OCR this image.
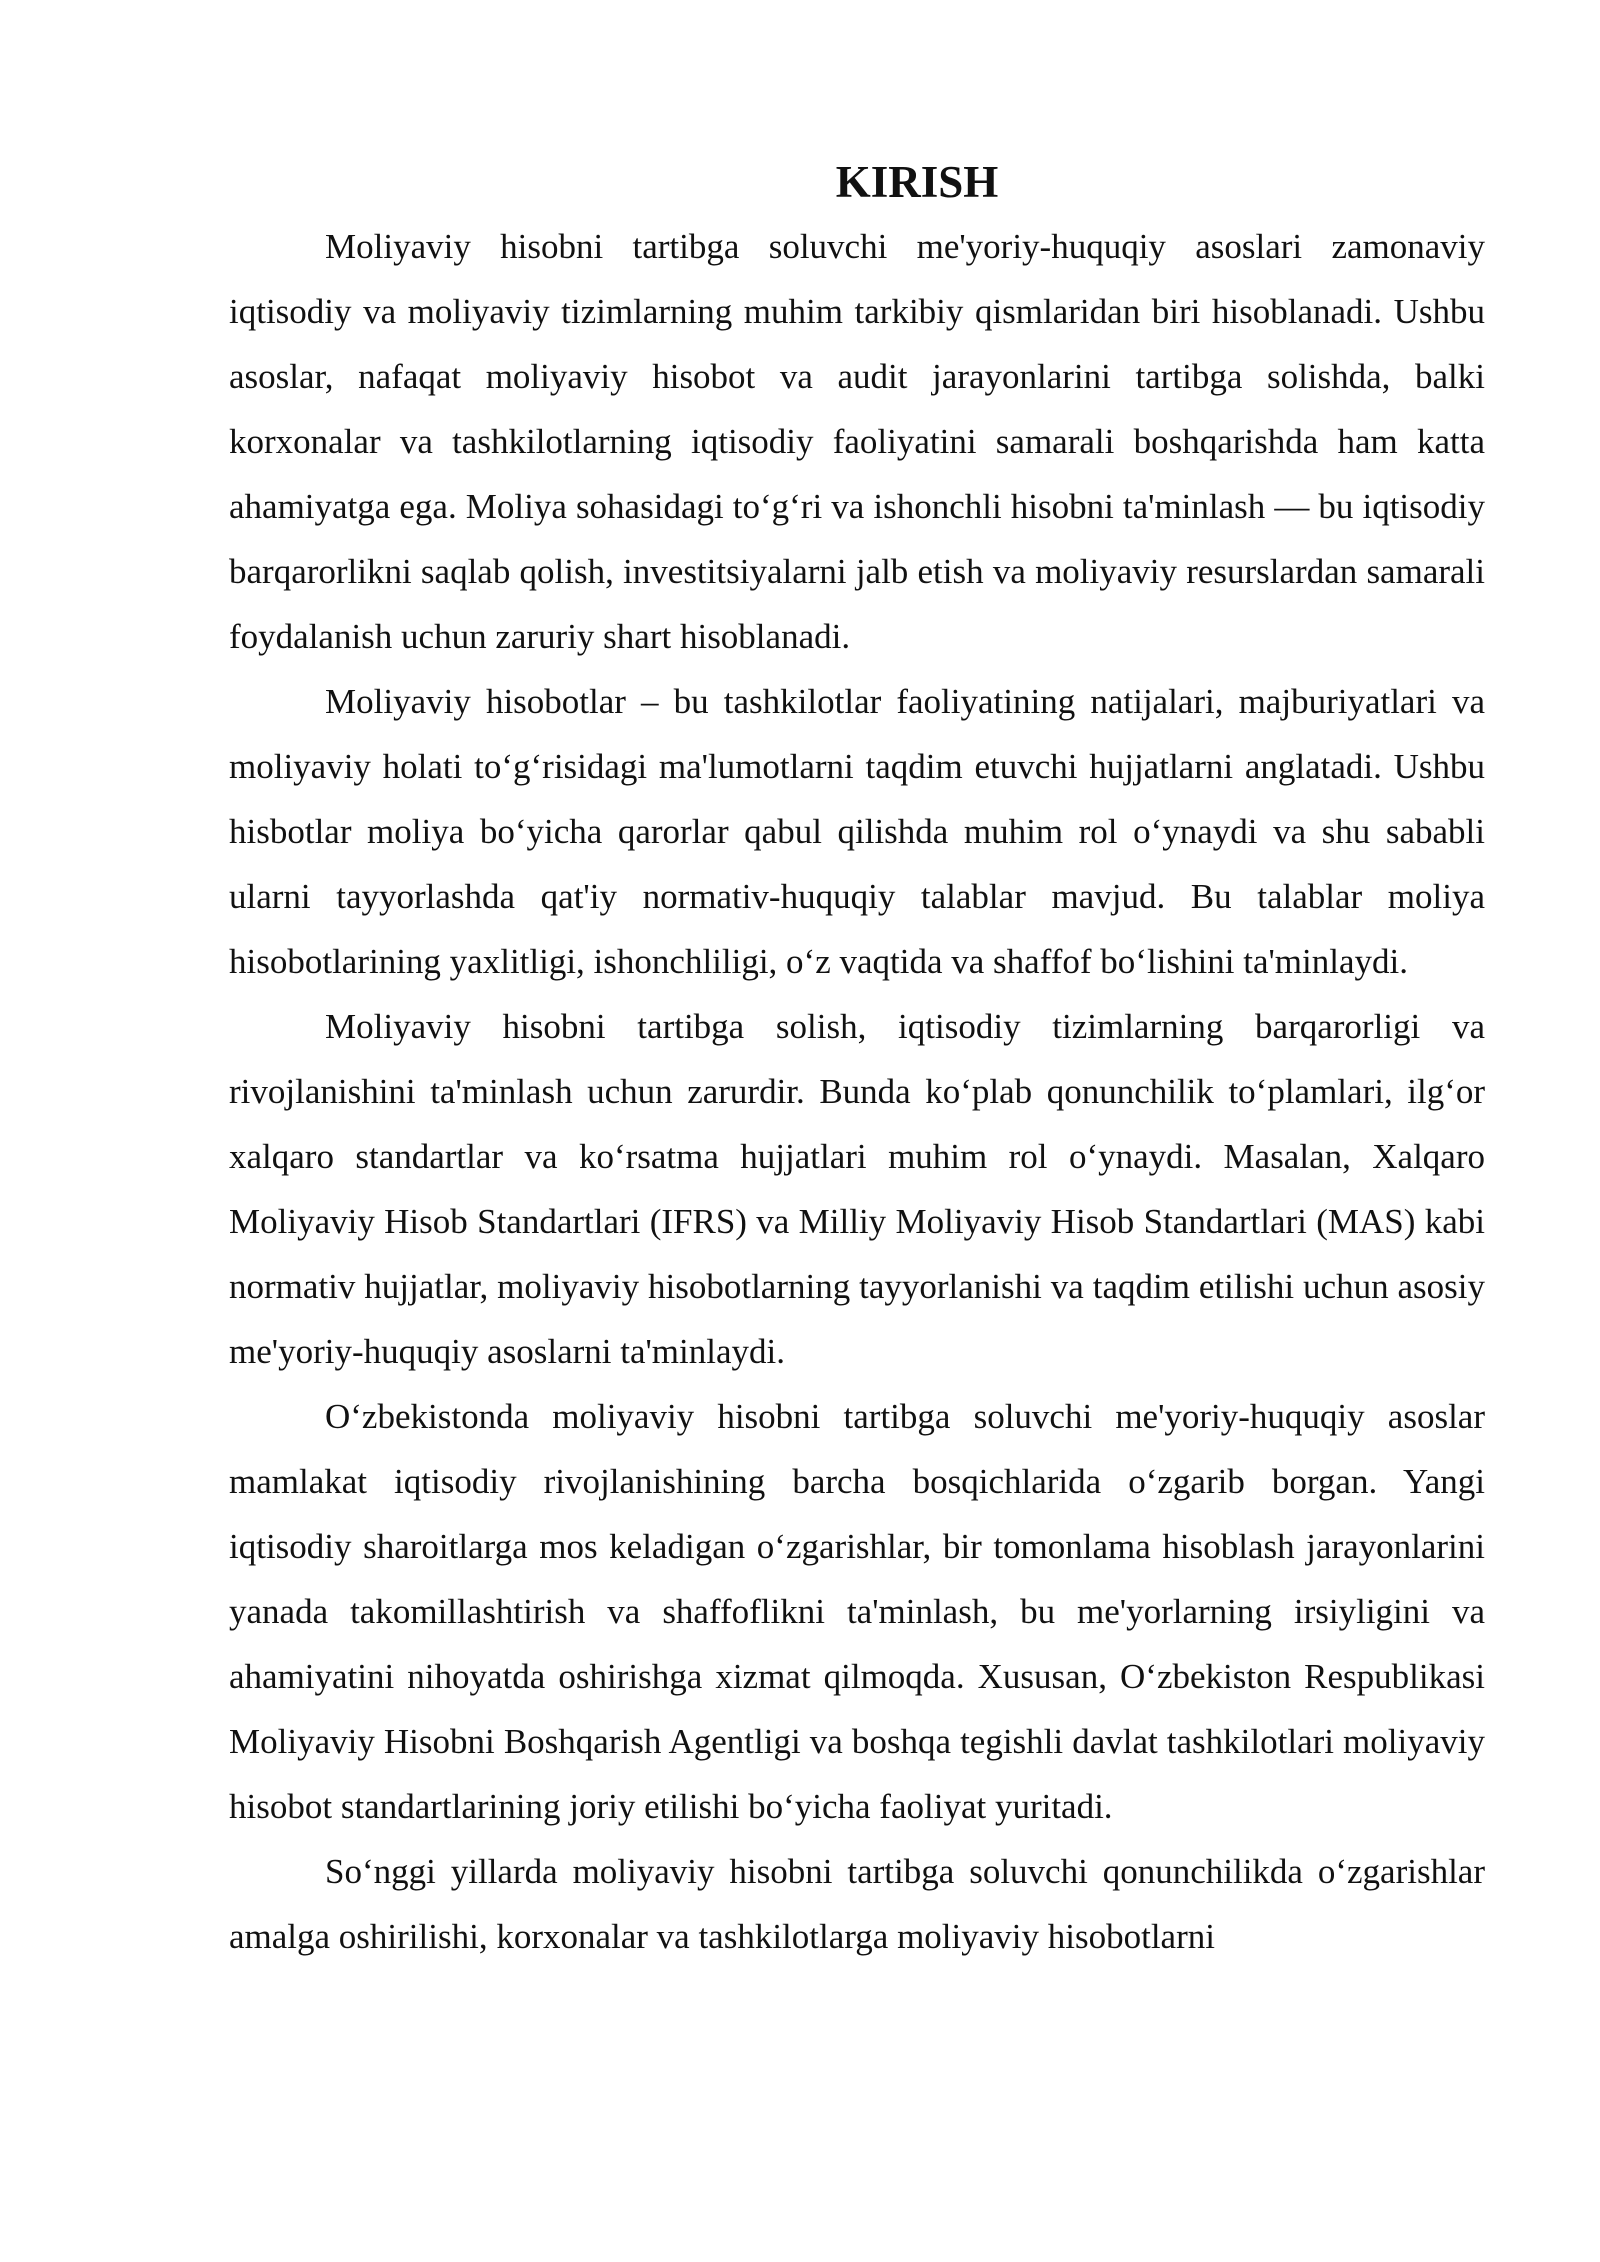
KIRISH

Moliyaviy hisobni tartibga soluvchi me'yoriy-huquqiy asoslari zamonaviy iqtisodiy va moliyaviy tizimlarning muhim tarkibiy qismlaridan biri hisoblanadi. Ushbu asoslar, nafaqat moliyaviy hisobot va audit jarayonlarini tartibga solishda, balki korxonalar va tashkilotlarning iqtisodiy faoliyatini samarali boshqarishda ham katta ahamiyatga ega. Moliya sohasidagi to‘g‘ri va ishonchli hisobni ta'minlash — bu iqtisodiy barqarorlikni saqlab qolish, investitsiyalarni jalb etish va moliyaviy resurslardan samarali foydalanish uchun zaruriy shart hisoblanadi.

Moliyaviy hisobotlar – bu tashkilotlar faoliyatining natijalari, majburiyatlari va moliyaviy holati to‘g‘risidagi ma'lumotlarni taqdim etuvchi hujjatlarni anglatadi. Ushbu hisbotlar moliya bo‘yicha qarorlar qabul qilishda muhim rol o‘ynaydi va shu sababli ularni tayyorlashda qat'iy normativ-huquqiy talablar mavjud. Bu talablar moliya hisobotlarining yaxlitligi, ishonchliligi, o‘z vaqtida va shaffof bo‘lishini ta'minlaydi.

Moliyaviy hisobni tartibga solish, iqtisodiy tizimlarning barqarorligi va rivojlanishini ta'minlash uchun zarurdir. Bunda ko‘plab qonunchilik to‘plamlari, ilg‘or xalqaro standartlar va ko‘rsatma hujjatlari muhim rol o‘ynaydi. Masalan, Xalqaro Moliyaviy Hisob Standartlari (IFRS) va Milliy Moliyaviy Hisob Standartlari (MAS) kabi normativ hujjatlar, moliyaviy hisobotlarning tayyorlanishi va taqdim etilishi uchun asosiy me'yoriy-huquqiy asoslarni ta'minlaydi.

O‘zbekistonda moliyaviy hisobni tartibga soluvchi me'yoriy-huquqiy asoslar mamlakat iqtisodiy rivojlanishining barcha bosqichlarida o‘zgarib borgan. Yangi iqtisodiy sharoitlarga mos keladigan o‘zgarishlar, bir tomonlama hisoblash jarayonlarini yanada takomillashtirish va shaffoflikni ta'minlash, bu me'yorlarning irsiyligini va ahamiyatini nihoyatda oshirishga xizmat qilmoqda. Xususan, O‘zbekiston Respublikasi Moliyaviy Hisobni Boshqarish Agentligi va boshqa tegishli davlat tashkilotlari moliyaviy hisobot standartlarining joriy etilishi bo‘yicha faoliyat yuritadi.

So‘nggi yillarda moliyaviy hisobni tartibga soluvchi qonunchilikda o‘zgarishlar amalga oshirilishi, korxonalar va tashkilotlarga moliyaviy hisobotlarni
